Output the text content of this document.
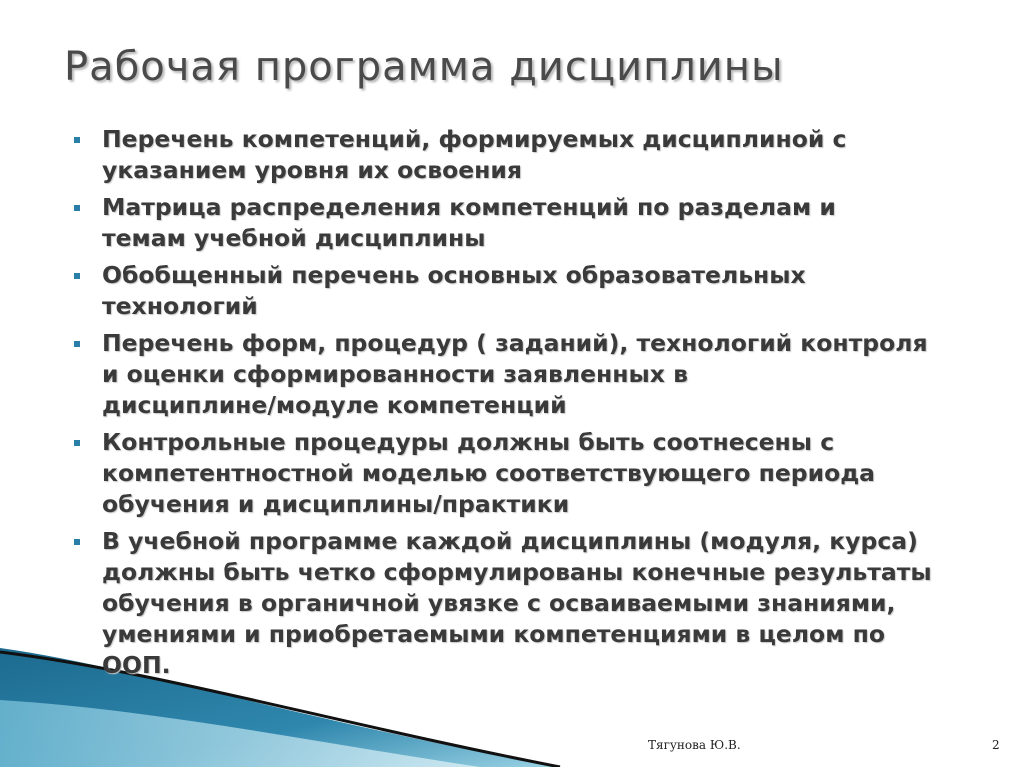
Рабочая программа дисциплины
Перечень компетенций, формируемых дисциплиной с
указанием уровня их освоения
Матрица распределения компетенций по разделам и
темам учебной дисциплины
Обобщенный перечень основных образовательных
технологий
Перечень форм, процедур ( заданий), технологий контроля
и оценки сформированности заявленных в
дисциплине/модуле компетенций
Контрольные процедуры должны быть соотнесены с
компетентностной моделью соответствующего периода
обучения и дисциплины/практики
В учебной программе каждой дисциплины (модуля, курса)
должны быть четко сформулированы конечные результаты
обучения в органичной увязке с осваиваемыми знаниями,
умениями и приобретаемыми компетенциями в целом по
ООП.
Тягунова Ю.В.	2
